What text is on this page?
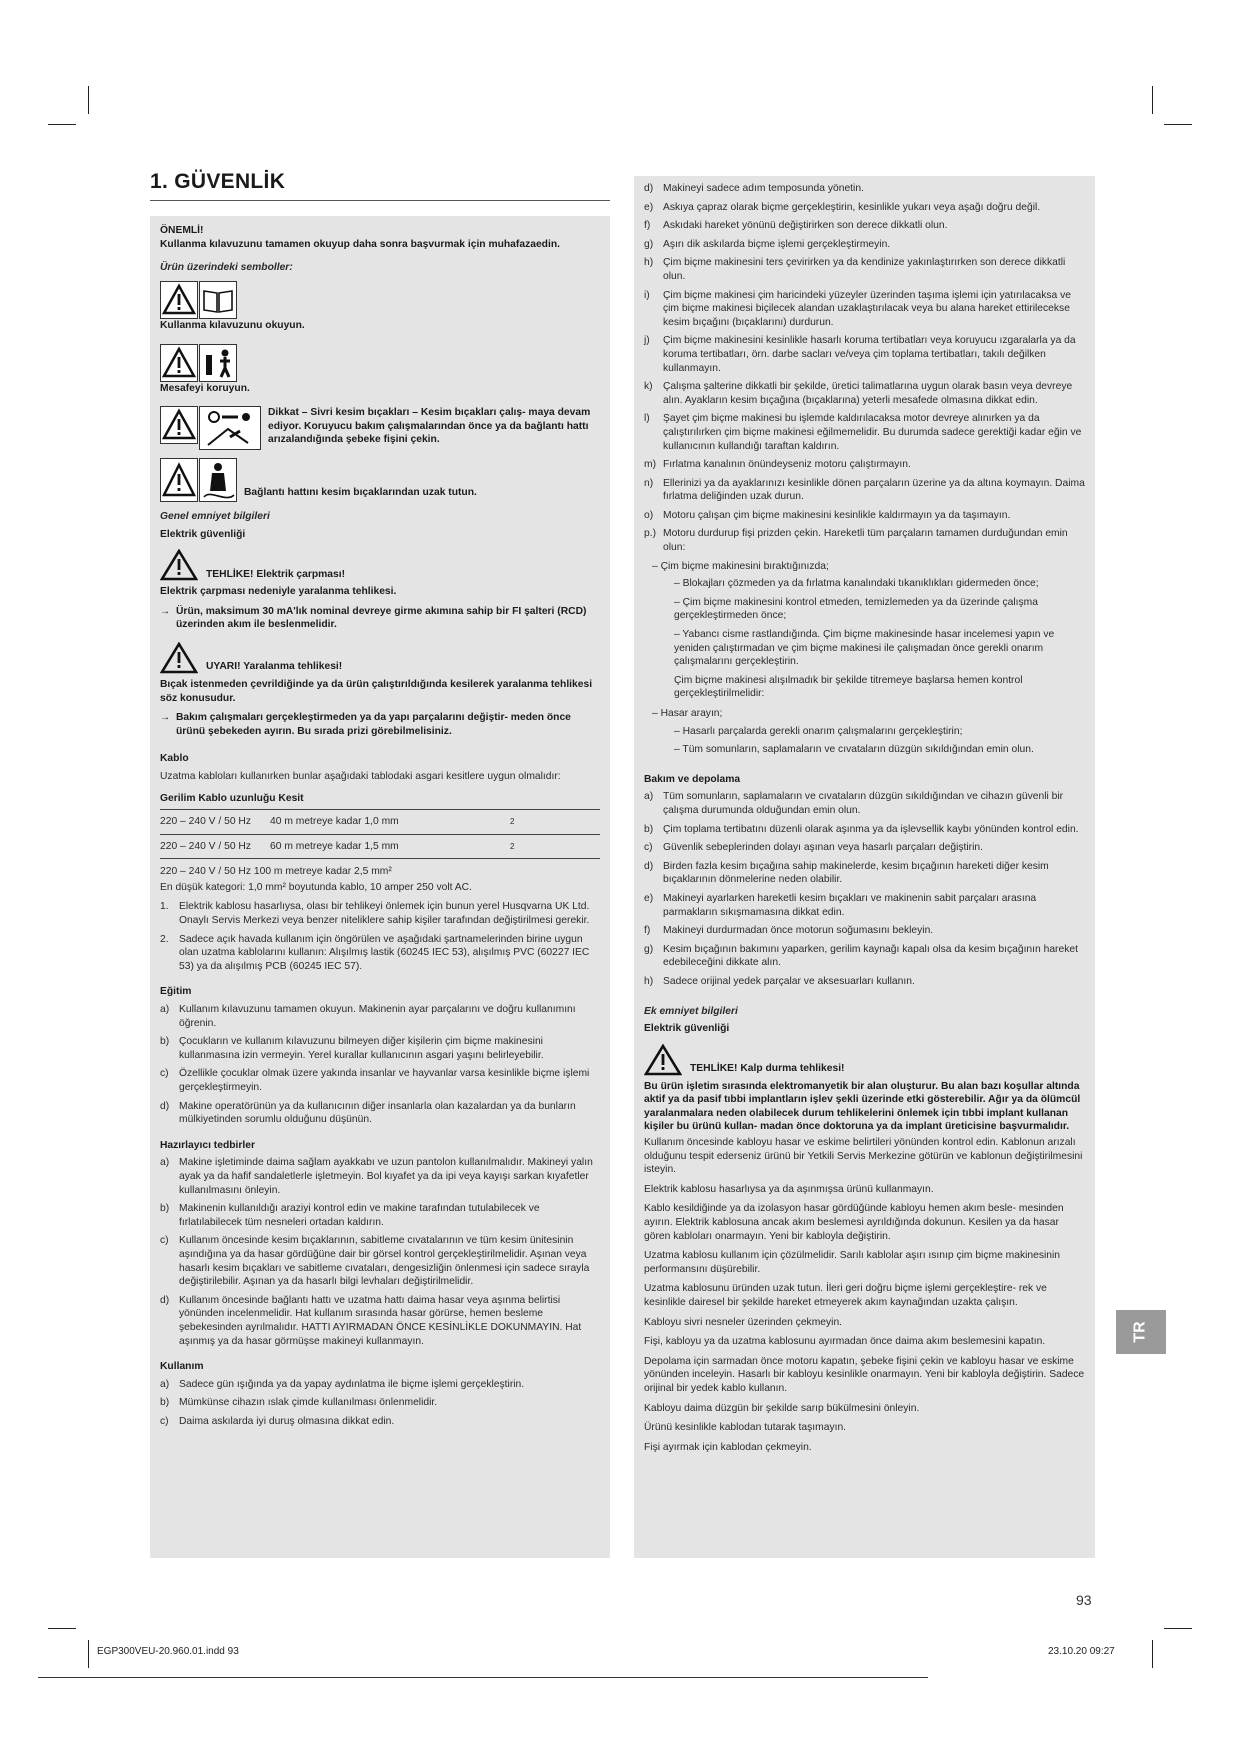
1. GÜVENLİK
ÖNEMLİ!

Kullanma kılavuzunu tamamen okuyup daha sonra başvurmak için muhafazaedin.

Ürün üzerindeki semboller:

Kullanma kılavuzunu okuyun.
Mesafeyi koruyun.
Dikkat – Sivri kesim bıçakları – Kesim bıçakları çalış- maya devam ediyor. Koruyucu bakım çalışmalarından önce ya da bağlantı hattı arızalandığında şebeke fişini çekin.
Bağlantı hattını kesim bıçaklarından uzak tutun.
Genel emniyet bilgileri
Elektrik güvenliği
TEHLİKE! Elektrik çarpması!

Elektrik çarpması nedeniyle yaralanma tehlikesi.

→ Ürün, maksimum 30 mA'lık nominal devreye girme akımına sahip bir FI şalteri (RCD) üzerinden akım ile beslenmelidir.
UYARI! Yaralanma tehlikesi!

Bıçak istenmeden çevrildiğinde ya da ürün çalıştırıldığında kesilerek yaralanma tehlikesi söz konusudur.

→ Bakım çalışmaları gerçekleştirmeden ya da yapı parçalarını değiştir- meden önce ürünü şebekeden ayırın. Bu sırada prizi görebilmelisiniz.
Kablo

Uzatma kabloları kullanırken bunlar aşağıdaki tablodaki asgari kesitlere uygun olmalıdır:

Gerilim Kablo uzunluğu Kesit
220 – 240 V / 50 Hz	40 m metreye kadar 1,0 mm	2
220 – 240 V / 50 Hz	60 m metreye kadar 1,5 mm	2

220 – 240 V / 50 Hz 100 m metreye kadar 2,5 mm²

En düşük kategori: 1,0 mm² boyutunda kablo, 10 amper 250 volt AC.

1. Elektrik kablosu hasarlıysa, olası bir tehlikeyi önlemek için bunun yerel Husqvarna UK Ltd. Onaylı Servis Merkezi veya benzer niteliklere sahip kişiler tarafından değiştirilmesi gerekir.
2. Sadece açık havada kullanım için öngörülen ve aşağıdaki şartnamelerinden birine uygun olan uzatma kablolarını kullanın: Alışılmış lastik (60245 IEC 53), alışılmış PVC (60227 IEC 53) ya da alışılmış PCB (60245 IEC 57).
Eğitim
a) Kullanım kılavuzunu tamamen okuyun. Makinenin ayar parçalarını ve doğru kullanımını öğrenin.
b) Çocukların ve kullanım kılavuzunu bilmeyen diğer kişilerin çim biçme makinesini kullanmasına izin vermeyin. Yerel kurallar kullanıcının asgari yaşını belirleyebilir.
c) Özellikle çocuklar olmak üzere yakında insanlar ve hayvanlar varsa kesinlikle biçme işlemi gerçekleştirmeyin.
d) Makine operatörünün ya da kullanıcının diğer insanlarla olan kazalardan ya da bunların mülkiyetinden sorumlu olduğunu düşünün.
Hazırlayıcı tedbirler
a) Makine işletiminde daima sağlam ayakkabı ve uzun pantolon kullanılmalıdır. Makineyi yalın ayak ya da hafif sandaletlerle işletmeyin. Bol kıyafet ya da ipi veya kayışı sarkan kıyafetler kullanılmasını önleyin.
b) Makinenin kullanıldığı araziyi kontrol edin ve makine tarafından tutulabilecek ve fırlatılabilecek tüm nesneleri ortadan kaldırın.
c) Kullanım öncesinde kesim bıçaklarının, sabitleme cıvatalarının ve tüm kesim ünitesinin aşındığına ya da hasar gördüğüne dair bir görsel kontrol gerçekleştirilmelidir. Aşınan veya hasarlı kesim bıçakları ve sabitleme cıvataları, dengesizliğin önlenmesi için sadece sırayla değiştirilebilir. Aşınan ya da hasarlı bilgi levhaları değiştirilmelidir.
d) Kullanım öncesinde bağlantı hattı ve uzatma hattı daima hasar veya aşınma belirtisi yönünden incelenmelidir. Hat kullanım sırasında hasar görürse, hemen besleme şebekesinden ayrılmalıdır. HATTI AYIRMADAN ÖNCE KESİNLİKLE DOKUNMAYIN. Hat aşınmış ya da hasar görmüşse makineyi kullanmayın.
Kullanım
a) Sadece gün ışığında ya da yapay aydınlatma ile biçme işlemi gerçekleştirin.
b) Mümkünse cihazın ıslak çimde kullanılması önlenmelidir.
c) Daima askılarda iyi duruş olmasına dikkat edin.
d) Makineyi sadece adım temposunda yönetin.
e) Askıya çapraz olarak biçme gerçekleştirin, kesinlikle yukarı veya aşağı doğru değil.
f) Askıdaki hareket yönünü değiştirirken son derece dikkatli olun.
g) Aşırı dik askılarda biçme işlemi gerçekleştirmeyin.
h) Çim biçme makinesini ters çevirirken ya da kendinize yakınlaştırırken son derece dikkatli olun.
i) Çim biçme makinesi çim haricindeki yüzeyler üzerinden taşıma işlemi için yatırılacaksa ve çim biçme makinesi biçilecek alandan uzaklaştırılacak veya bu alana hareket ettirilecekse kesim bıçağını (bıçaklarını) durdurun.
j) Çim biçme makinesini kesinlikle hasarlı koruma tertibatları veya koruyucu ızgaralarla ya da koruma tertibatları, örn. darbe sacları ve/veya çim toplama tertibatları, takılı değilken kullanmayın.
k) Çalışma şalterine dikkatli bir şekilde, üretici talimatlarına uygun olarak basın veya devreye alın. Ayakların kesim bıçağına (bıçaklarına) yeterli mesafede olmasına dikkat edin.
l) Şayet çim biçme makinesi bu işlemde kaldırılacaksa motor devreye alınırken ya da çalıştırılırken çim biçme makinesi eğilmemelidir. Bu durumda sadece gerektiği kadar eğin ve kullanıcının kullandığı taraftan kaldırın.
m) Fırlatma kanalının önündeyseniz motoru çalıştırmayın.
n) Ellerinizi ya da ayaklarınızı kesinlikle dönen parçaların üzerine ya da altına koymayın. Daima fırlatma deliğinden uzak durun.
o) Motoru çalışan çim biçme makinesini kesinlikle kaldırmayın ya da taşımayın.
p.) Motoru durdurup fişi prizden çekin. Hareketli tüm parçaların tamamen durduğundan emin olun:
– Çim biçme makinesini bıraktığınızda;
– Blokajları çözmeden ya da fırlatma kanalındaki tıkanıklıkları gidermeden önce;
– Çim biçme makinesini kontrol etmeden, temizlemeden ya da üzerinde çalışma gerçekleştirmeden önce;
– Yabancı cisme rastlandığında. Çim biçme makinesinde hasar incelemesi yapın ve yeniden çalıştırmadan ve çim biçme makinesi ile çalışmadan önce gerekli onarım çalışmalarını gerçekleştirin.

Çim biçme makinesi alışılmadık bir şekilde titremeye başlarsa hemen kontrol gerçekleştirilmelidir:

– Hasar arayın;
– Hasarlı parçalarda gerekli onarım çalışmalarını gerçekleştirin;
– Tüm somunların, saplamaların ve cıvataların düzgün sıkıldığından emin olun.
Bakım ve depolama
a) Tüm somunların, saplamaların ve cıvataların düzgün sıkıldığından ve cihazın güvenli bir çalışma durumunda olduğundan emin olun.
b) Çim toplama tertibatını düzenli olarak aşınma ya da işlevsellik kaybı yönünden kontrol edin.
c) Güvenlik sebeplerinden dolayı aşınan veya hasarlı parçaları değiştirin.
d) Birden fazla kesim bıçağına sahip makinelerde, kesim bıçağının hareketi diğer kesim bıçaklarının dönmelerine neden olabilir.
e) Makineyi ayarlarken hareketli kesim bıçakları ve makinenin sabit parçaları arasına parmakların sıkışmamasına dikkat edin.
f) Makineyi durdurmadan önce motorun soğumasını bekleyin.
g) Kesim bıçağının bakımını yaparken, gerilim kaynağı kapalı olsa da kesim bıçağının hareket edebileceğini dikkate alın.
h) Sadece orijinal yedek parçalar ve aksesuarları kullanın.
Ek emniyet bilgileri
Elektrik güvenliği
TEHLİKE! Kalp durma tehlikesi!

Bu ürün işletim sırasında elektromanyetik bir alan oluşturur. Bu alan bazı koşullar altında aktif ya da pasif tıbbi implantların işlev şekli üzerinde etki gösterebilir. Ağır ya da ölümcül yaralanmalara neden olabilecek durum tehlikelerini önlemek için tıbbi implant kullanan kişiler bu ürünü kullan- madan önce doktoruna ya da implant üreticisine başvurmalıdır.

Kullanım öncesinde kabloyu hasar ve eskime belirtileri yönünden kontrol edin. Kablonun arızalı olduğunu tespit ederseniz ürünü bir Yetkili Servis Merkezine götürün ve kablonun değiştirilmesini isteyin.

Elektrik kablosu hasarlıysa ya da aşınmışsa ürünü kullanmayın.

Kablo kesildiğinde ya da izolasyon hasar gördüğünde kabloyu hemen akım besle- mesinden ayırın. Elektrik kablosuna ancak akım beslemesi ayrıldığında dokunun. Kesilen ya da hasar gören kabloları onarmayın. Yeni bir kabloyla değiştirin.

Uzatma kablosu kullanım için çözülmelidir. Sarılı kablolar aşırı ısınıp çim biçme makinesinin performansını düşürebilir.

Uzatma kablosunu üründen uzak tutun. İleri geri doğru biçme işlemi gerçekleştire- rek ve kesinlikle dairesel bir şekilde hareket etmeyerek akım kaynağından uzakta çalışın.

Kabloyu sivri nesneler üzerinden çekmeyin.

Fişi, kabloyu ya da uzatma kablosunu ayırmadan önce daima akım beslemesini kapatın.

Depolama için sarmadan önce motoru kapatın, şebeke fişini çekin ve kabloyu hasar ve eskime yönünden inceleyin. Hasarlı bir kabloyu kesinlikle onarmayın. Yeni bir kabloyla değiştirin. Sadece orijinal bir yedek kablo kullanın.

Kabloyu daima düzgün bir şekilde sarıp bükülmesini önleyin.

Ürünü kesinlikle kablodan tutarak taşımayın.

Fişi ayırmak için kablodan çekmeyin.

TR
93
EGP300VEU-20.960.01.indd 93	23.10.20 09:27
